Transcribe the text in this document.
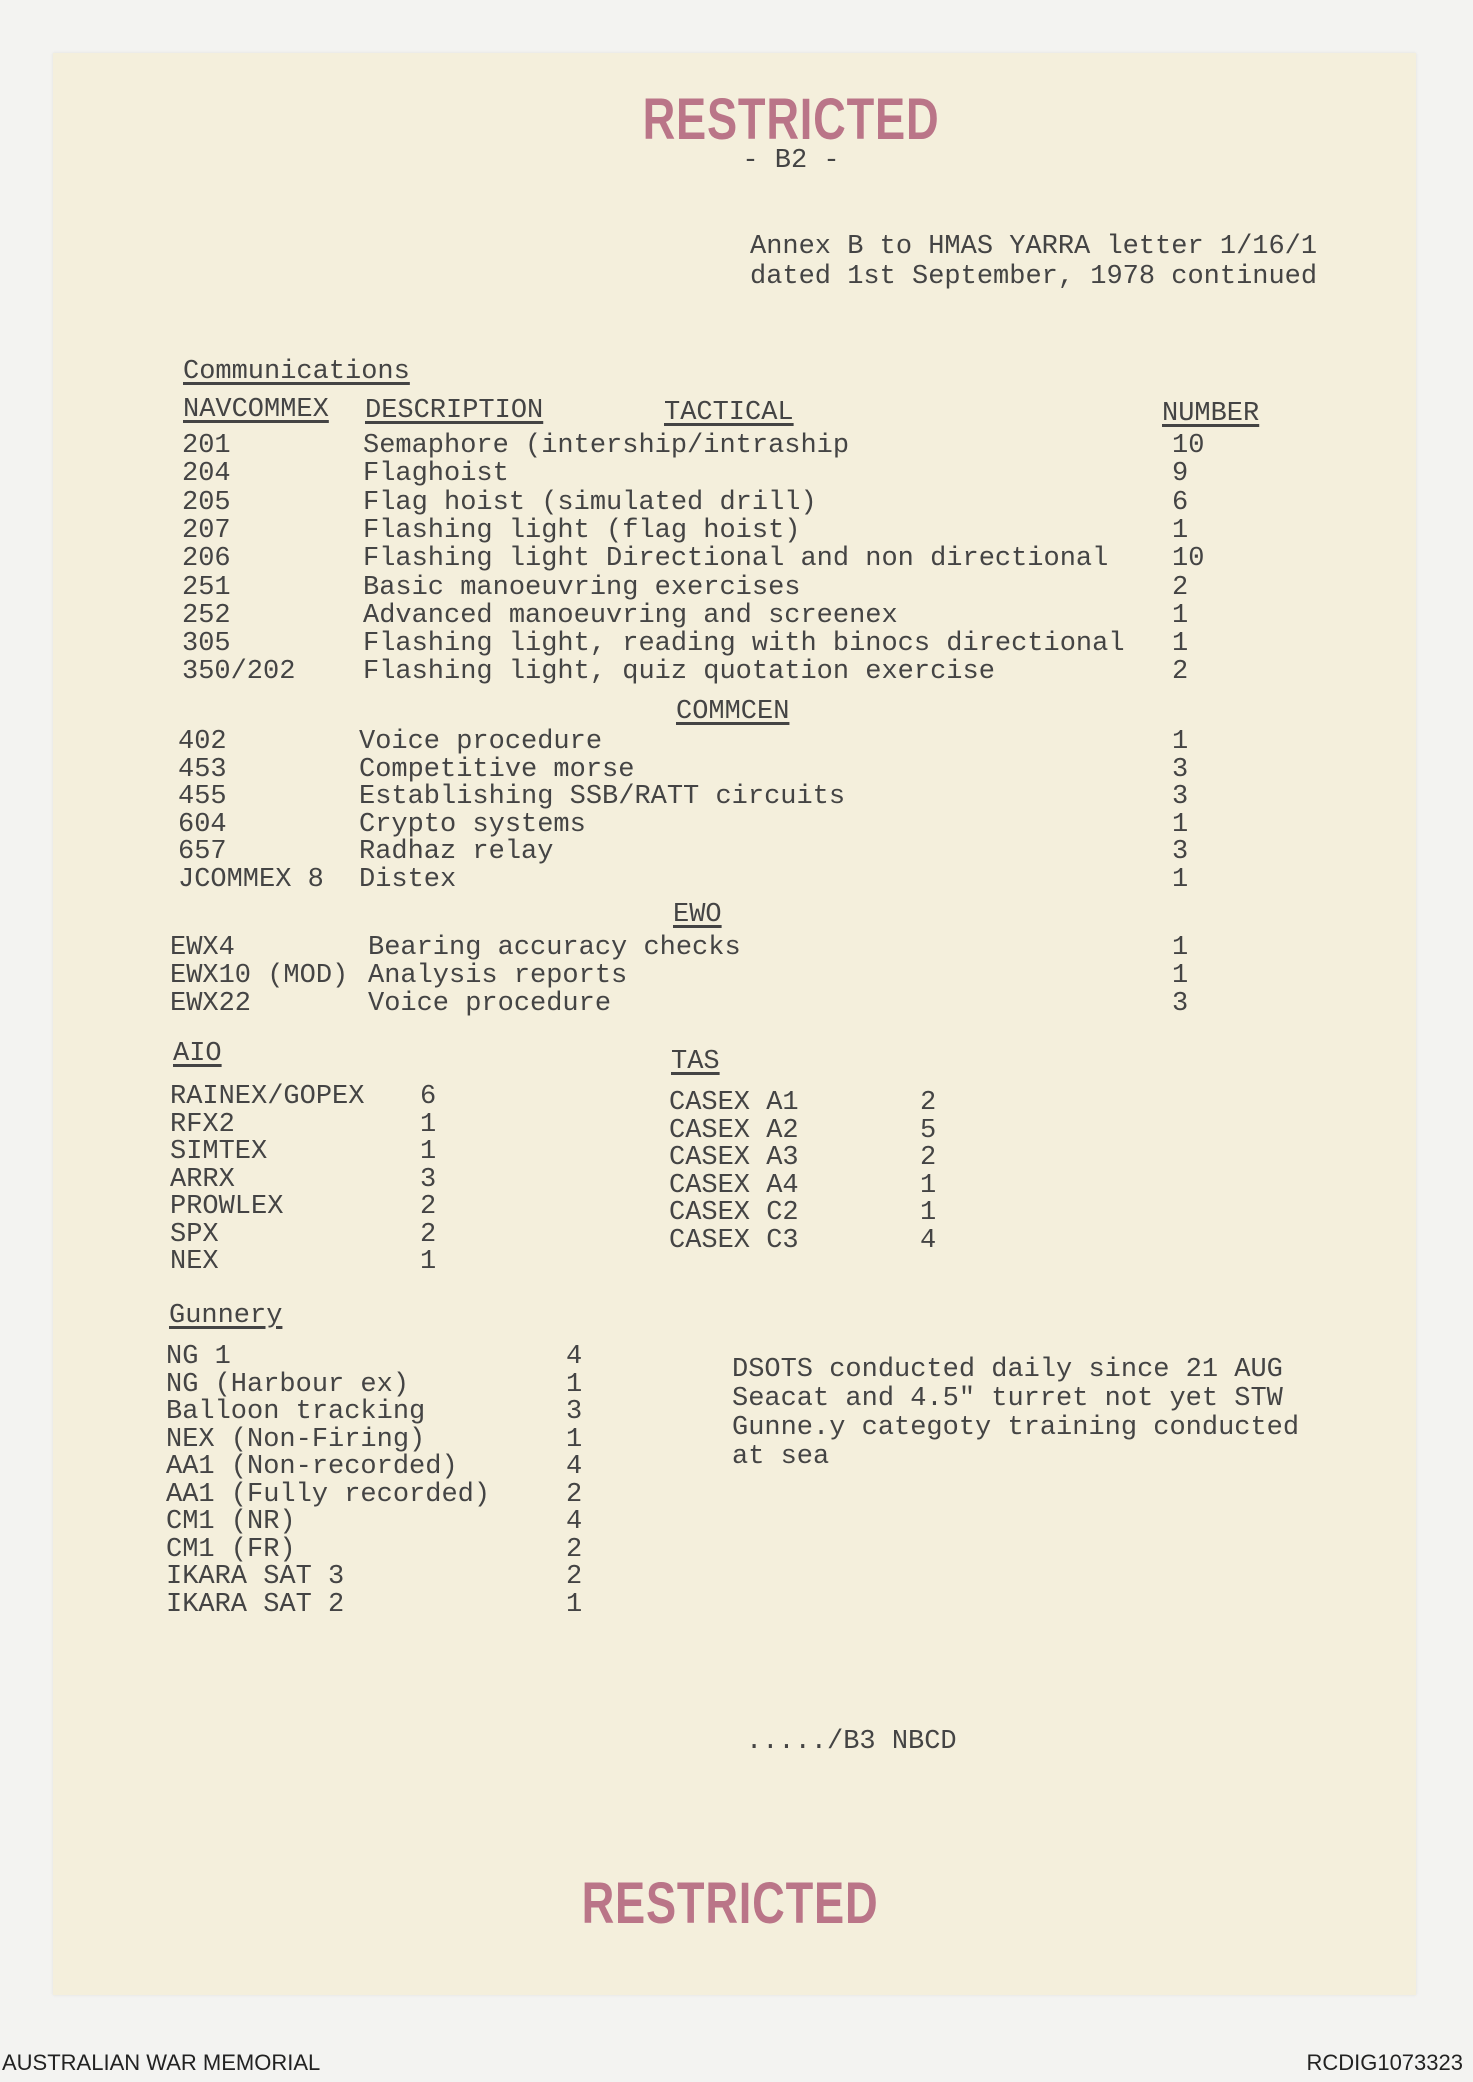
RESTRICTED
- B2 -
Annex B to HMAS YARRA letter 1/16/1
dated 1st September, 1978 continued
Communications
NAVCOMMEX DESCRIPTION	TACTICAL	NUMBER
201	Semaphore (intership/intraship	10
204	Flaghoist	9
205	Flag hoist (simulated drill)	6
207	Flashing light (flag hoist)	1
206	Flashing light Directional and non directional 10
251	Basic manoeuvring exercises	2
252	Advanced manoeuvring and screenex	1
305	Flashing light, reading with binocs directional 1
350/202	Flashing light, quiz quotation exercise	2
COMMCEN
402	Voice procedure	1
453	Competitive morse	3
455	Establishing SSB/RATT circuits	3
604	Crypto systems	1
657	Radhaz relay	3
JCOMMEX 8 Distex	1
EWO
EWX4	Bearing accuracy checks	1
EWX10 (MOD) Analysis reports	1
EWX22	Voice procedure	3
AIO
RAINEX/GOPEX 6
RFX2	1
SIMTEX	1
ARRX	3
PROWLEX	2
SPX	2
NEX	1
TAS
CASEX A1	2
CASEX A2	5
CASEX A3	2
CASEX A4	1
CASEX C2	1
CASEX C3	4
Gunnery
NG 1	4
NG (Harbour ex)	1
Balloon tracking	3
NEX (Non-Firing)	1
AA1 (Non-recorded)	4
AA1 (Fully recorded)	2
CM1 (NR)	4
CM1 (FR)	2
IKARA SAT 3	2
IKARA SAT 2	1
DSOTS conducted daily since 21 AUG
Seacat and 4.5" turret not yet STW
Gunne.y categoty training conducted
at sea
...../B3 NBCD
RESTRICTED
AUSTRALIAN WAR MEMORIAL	RCDIG1073323
